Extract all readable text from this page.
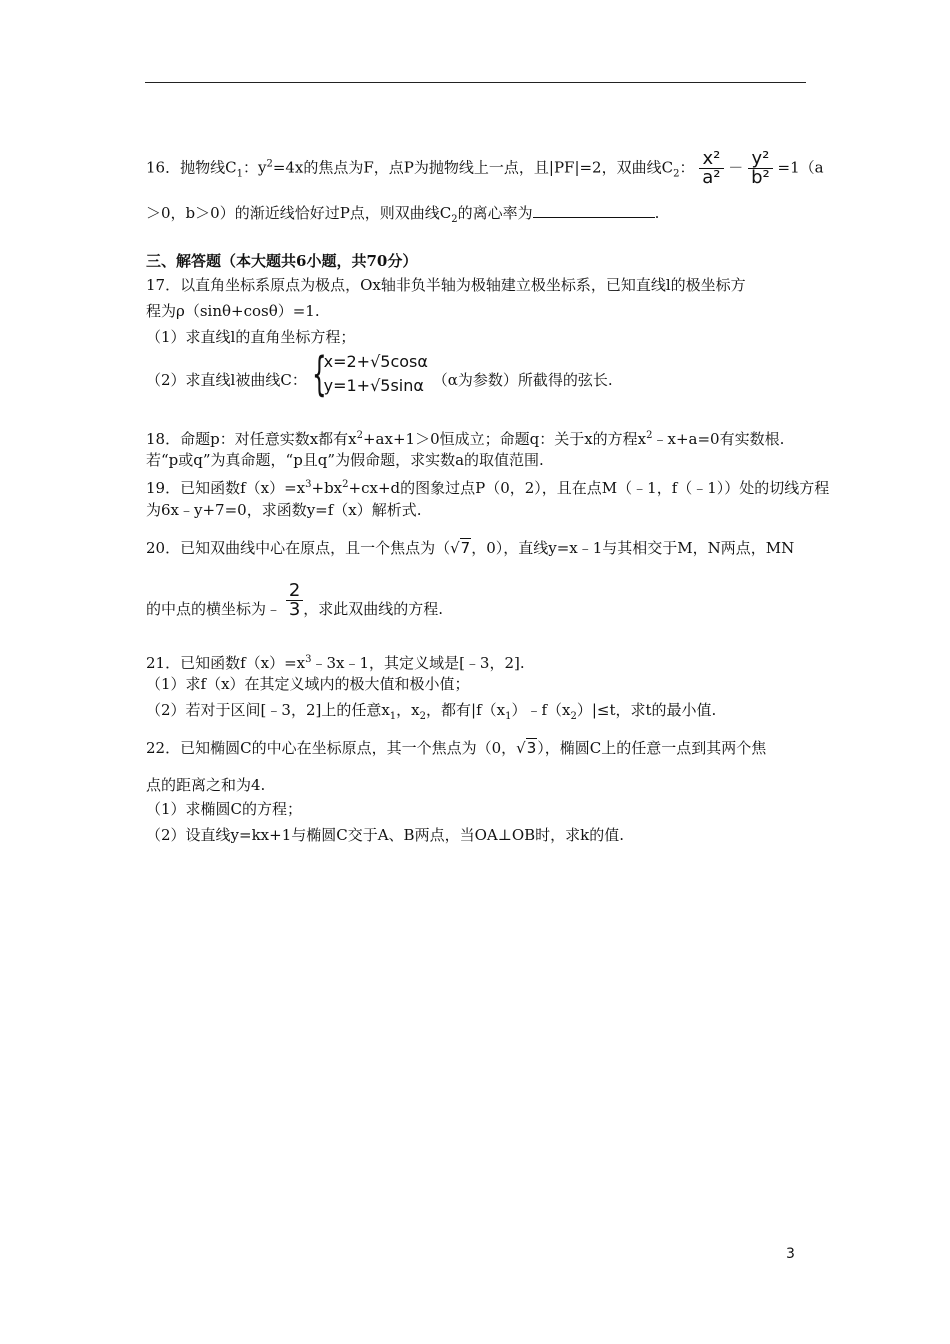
16．抛物线$C_1$：$y^2=4x$的焦点为F，点P为抛物线上一点，且|PF|=2，双曲线$C_2$： $\frac{\text{x²}}{\text{a²}} - \frac{\text{y²}}{\text{b²}} =1(a$
＞0，b＞0）的渐近线恰好过P点，则双曲线$C_2$的离心率为	.
三、解答题（本大题共6小题，共70分）
17．以直角坐标系原点为极点，Ox轴非负半轴为极轴建立极坐标系，已知直线l的极坐标方
程为ρ（sinθ+cosθ）=1.
（1）求直线l的直角坐标方程；
（2）求直线l被曲线C： {
x=2+√5cosα
y=1+√5sinα （α为参数）所截得的弦长.
18．命题p：对任意实数x都有$x^2+ax+1>0$恒成立；命题q：关于x的方程$x^2﹣x+a=0$有实数根.
若“p或q”为真命题，“p且q”为假命题，求实数a的取值范围.
19．已知函数$f(x)=x^3+bx^2+cx+d$的图象过点P（0，2），且在点M（﹣1，f（﹣1））处的切线方程
为6x﹣y+7=0，求函数y=f（x）解析式.
20．已知双曲线中心在原点，且一个焦点为（√7，0），直线y=x﹣1与其相交于M，N两点，MN
的中点的横坐标为﹣ $\frac{2}{3}$ ，求此双曲线的方程.
21．已知函数$f(x)=x^3﹣3x﹣1$，其定义域是[﹣3，2].
（1）求f（x）在其定义域内的极大值和极小值；
（2）若对于区间[﹣3，2]上的任意$x_1$，$x_2$，都有$|f(x_1)﹣f(x_2)|\le t$，求t的最小值.
22．已知椭圆C的中心在坐标原点，其一个焦点为（0，√3），椭圆C上的任意一点到其两个焦
点的距离之和为4.
（1）求椭圆C的方程；
（2）设直线y=kx+1与椭圆C交于A、B两点，当OA⊥OB时，求k的值.
3
